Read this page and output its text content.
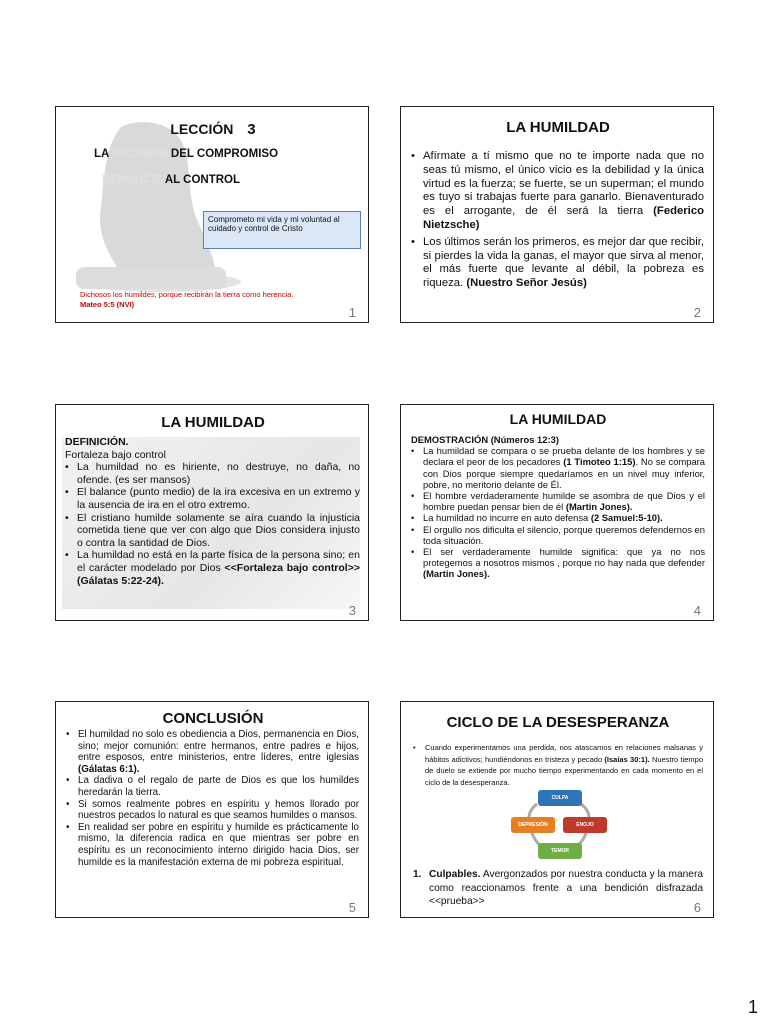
LECCIÓN 3
LA DECISIÓN DEL COMPROMISO
RENUNCIE AL CONTROL
Comprometo mi vida y mi voluntad al cuidado y control de Cristo
Dichosos los humildes, porque recibirán la tierra como herencia.
Mateo 5:5 (NVI)
1
LA HUMILDAD
• Afírmate a tí mismo que no te importe nada que no seas tú mismo, el único vicio es la debilidad y la única virtud es la fuerza; se fuerte, se un superman; el mundo es tuyo si trabajas fuerte para ganarlo. Bienaventurado es el arrogante, de él será la tierra (Federico Nietzsche)
• Los últimos serán los primeros, es mejor dar que recibir, si pierdes la vida la ganas, el mayor que sirva al menor, el más fuerte que levante al débil, la pobreza es riqueza. (Nuestro Señor Jesús)
2
LA HUMILDAD
DEFINICIÓN.
Fortaleza bajo control
• La humildad no es hiriente, no destruye, no daña, no ofende. (es ser mansos)
• El balance (punto medio) de la ira excesiva en un extremo y la ausencia de ira en el otro extremo.
• El cristiano humilde solamente se aíra cuando la injusticia cometida tiene que ver con algo que Dios considera injusto o contra la santidad de Dios.
• La humildad no está en la parte física de la persona sino; en el carácter modelado por Dios <<Fortaleza bajo control>> (Gálatas 5:22-24).
3
LA HUMILDAD
DEMOSTRACIÓN (Números 12:3)
• La humildad se compara o se prueba delante de los hombres y se declara el peor de los pecadores (1 Timoteo 1:15). No se compara con Dios porque siempre quedaríamos en un nivel muy inferior, pobre, no meritorio delante de Él.
• El hombre verdaderamente humilde se asombra de que Dios y el hombre puedan pensar bien de él (Martin Jones).
• La humildad no incurre en auto defensa (2 Samuel:5-10).
• El orgullo nos dificulta el silencio, porque queremos defendernos en toda situación.
• El ser verdaderamente humilde significa: que ya no nos protegemos a nosotros mismos , porque no hay nada que defender (Martin Jones).
4
CONCLUSIÓN
• El humildad no solo es obediencia a Dios, permanencia en Dios, sino; mejor comunión: entre hermanos, entre padres e hijos, entre esposos, entre ministerios, entre líderes, entre iglesias (Gálatas 6:1).
• La dadiva o el regalo de parte de Dios es que los humildes heredarán la tierra.
• Si somos realmente pobres en espíritu y hemos llorado por nuestros pecados lo natural es que seamos humildes o mansos.
• En realidad ser pobre en espíritu y humilde es prácticamente lo mismo, la diferencia radica en que mientras ser pobre en espíritu es un reconocimiento interno dirigido hacia Dios, ser humilde es la manifestación externa de mi pobreza espiritual.
5
CICLO DE LA DESESPERANZA
• Cuando experimentamos una perdida, nos atascamos en relaciones malsanas y hábitos adictivos; hundiéndonos en tristeza y pecado (Isaías 30:1). Nuestro tiempo de duelo se extiende por mucho tiempo experimentando en cada momento en el ciclo de la desesperanza.
CULPA
ENOJO
TEMOR
DEPRESIÓN
1. Culpables. Avergonzados por nuestra conducta y la manera como reaccionamos frente a una bendición disfrazada <<prueba>>	6
1
